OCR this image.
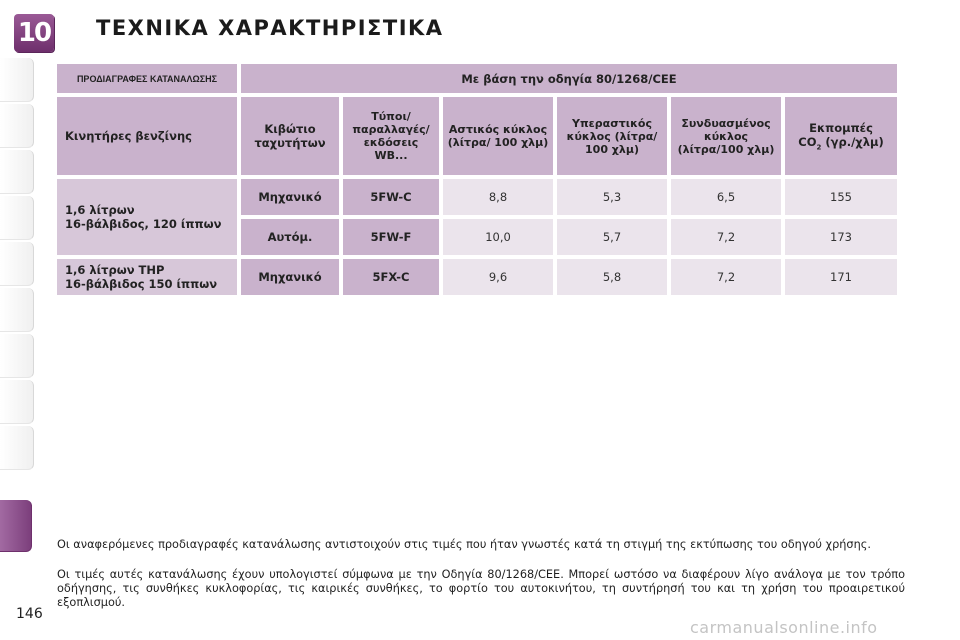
10 ΤΕΧΝΙΚΑ ΧΑΡΑΚΤΗΡΙΣΤΙΚΑ
ΠΡΟΔΙΑΓΡΑΦΕΣ ΚΑΤΑΝΑΛΩΣΗΣ	Με βάση την οδηγία 80/1268/CEE					
Κινητήρες βενζίνης	Κιβώτιο ταχυτήτων	Τύποι/ παραλλαγές/ εκδόσεις WB...	Αστικός κύκλος (λίτρα/ 100 χλμ)	Υπεραστικός κύκλος (λίτρα/ 100 χλμ)	Συνδυασμένος κύκλος (λίτρα/100 χλμ)	Εκπομπές
$CO_2$ (γρ./χλμ)

1,6 λίτρων
16-βάλβιδος, 120 ίππων	Μηχανικό	5FW-C	8,8	5,3	6,5	155
	Αυτόμ.	5FW-F	10,0	5,7	7,2	173

1,6 λίτρων THP
16-βάλβιδος 150 ίππων	Μηχανικό	5FX-C	9,6	5,8	7,2	171

Οι αναφερόμενες προδιαγραφές κατανάλωσης αντιστοιχούν στις τιμές που ήταν γνωστές κατά τη στιγμή της εκτύπωσης του οδηγού χρήσης.

Οι τιμές αυτές κατανάλωσης έχουν υπολογιστεί σύμφωνα με την Οδηγία 80/1268/CEE. Μπορεί ωστόσο να διαφέρουν λίγο ανάλογα με τον τρόπο οδήγησης, τις συνθήκες κυκλοφορίας, τις καιρικές συνθήκες, το φορτίο του αυτοκινήτου, τη συντήρησή του και τη χρήση του προαιρετικού εξοπλισμού.

146
carmanualsonline.info
